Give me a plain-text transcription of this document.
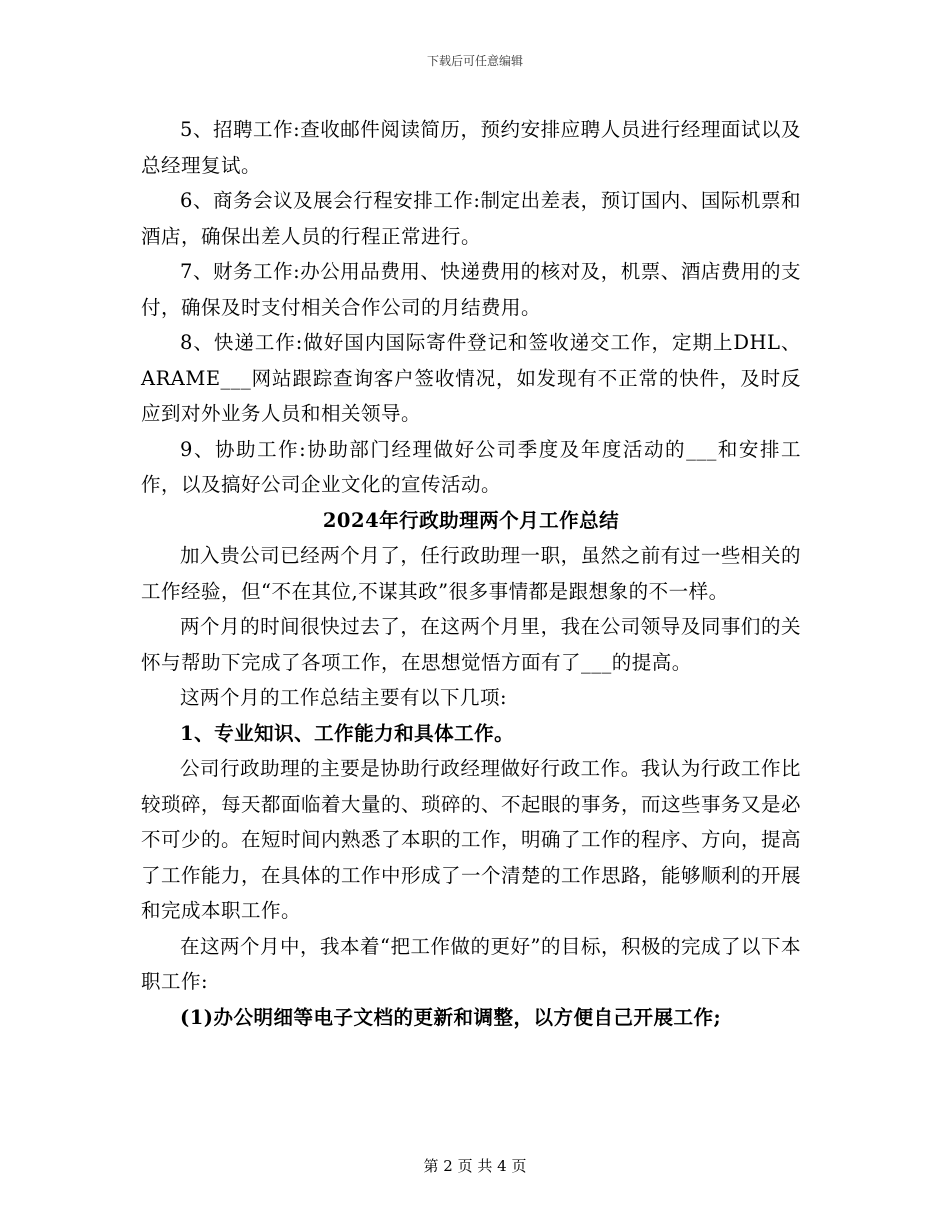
下载后可任意编辑

5、招聘工作:查收邮件阅读简历，预约安排应聘人员进行经理面试以及总经理复试。

6、商务会议及展会行程安排工作:制定出差表，预订国内、国际机票和酒店，确保出差人员的行程正常进行。

7、财务工作:办公用品费用、快递费用的核对及，机票、酒店费用的支付，确保及时支付相关合作公司的月结费用。

8、快递工作:做好国内国际寄件登记和签收递交工作，定期上DHL、ARAME___网站跟踪查询客户签收情况，如发现有不正常的快件，及时反应到对外业务人员和相关领导。

9、协助工作:协助部门经理做好公司季度及年度活动的___和安排工作，以及搞好公司企业文化的宣传活动。

2024年行政助理两个月工作总结

加入贵公司已经两个月了，任行政助理一职，虽然之前有过一些相关的工作经验，但“不在其位,不谋其政”很多事情都是跟想象的不一样。

两个月的时间很快过去了，在这两个月里，我在公司领导及同事们的关怀与帮助下完成了各项工作，在思想觉悟方面有了___的提高。

这两个月的工作总结主要有以下几项:

1、专业知识、工作能力和具体工作。

公司行政助理的主要是协助行政经理做好行政工作。我认为行政工作比较琐碎，每天都面临着大量的、琐碎的、不起眼的事务，而这些事务又是必不可少的。在短时间内熟悉了本职的工作，明确了工作的程序、方向，提高了工作能力，在具体的工作中形成了一个清楚的工作思路，能够顺利的开展和完成本职工作。

在这两个月中，我本着“把工作做的更好”的目标，积极的完成了以下本职工作:

(1)办公明细等电子文档的更新和调整，以方便自己开展工作;

第 2 页 共 4 页
